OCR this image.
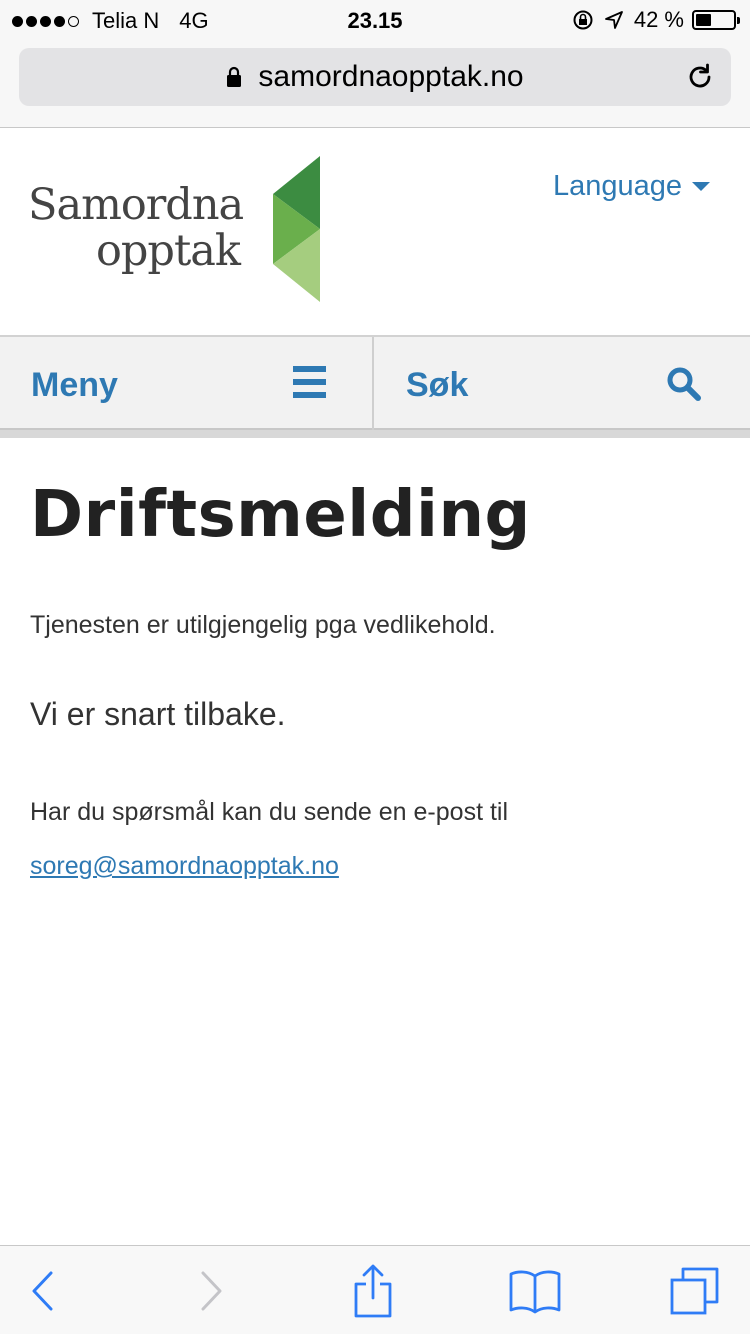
Telia N 4G	23.15	42 %
samordnaopptak.no
Samordna
opptak
Language
Meny	Søk
Driftsmelding

Tjenesten er utilgjengelig pga vedlikehold.

Vi er snart tilbake.

Har du spørsmål kan du sende en e-post til

soreg@samordnaopptak.no
